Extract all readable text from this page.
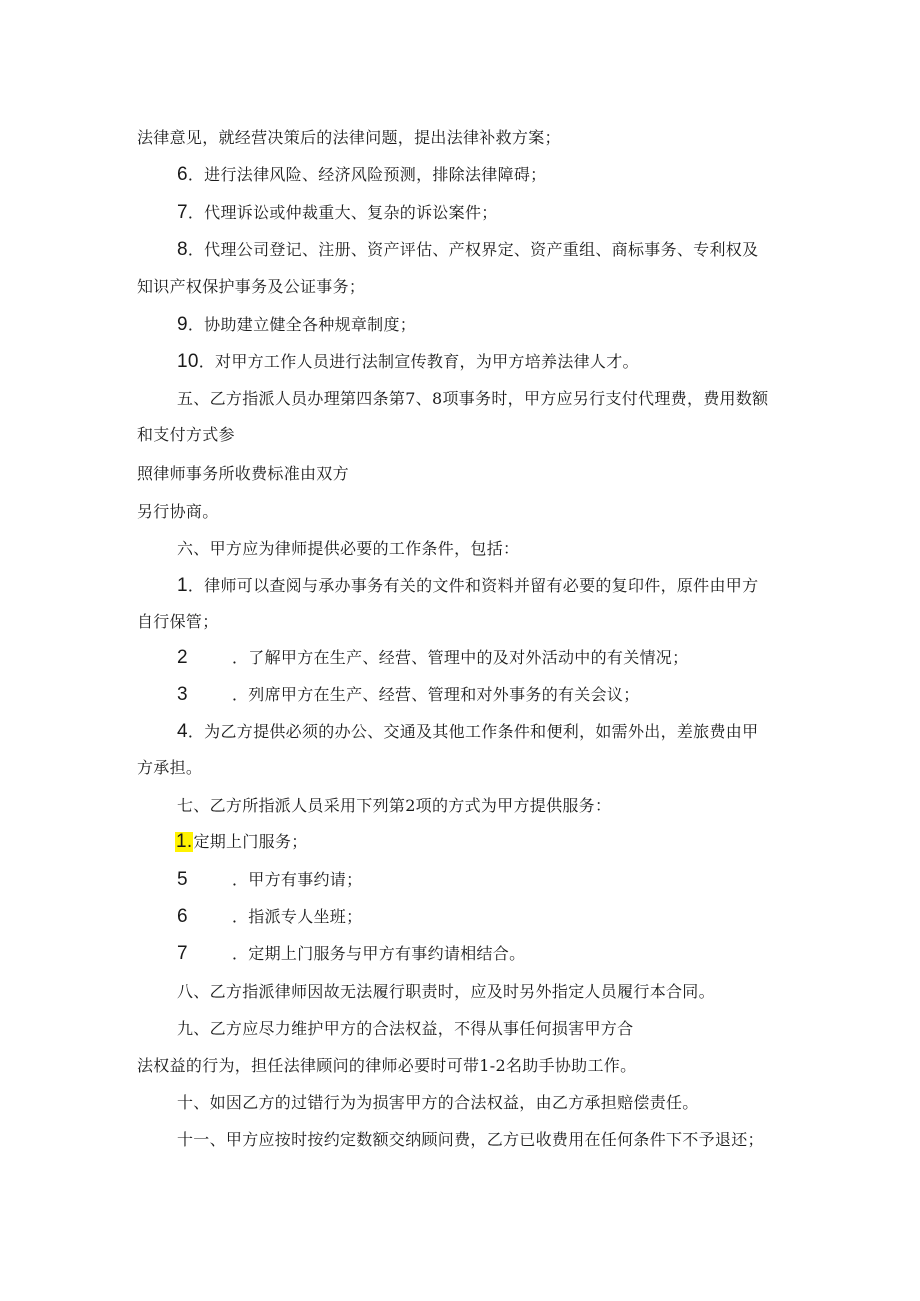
法律意见，就经营决策后的法律问题，提出法律补救方案；
6．进行法律风险、经济风险预测，排除法律障碍；
7．代理诉讼或仲裁重大、复杂的诉讼案件；
8．代理公司登记、注册、资产评估、产权界定、资产重组、商标事务、专利权及
知识产权保护事务及公证事务；
9．协助建立健全各种规章制度；
10．对甲方工作人员进行法制宣传教育，为甲方培养法律人才。
五、乙方指派人员办理第四条第7、8项事务时，甲方应另行支付代理费，费用数额
和支付方式参
照律师事务所收费标准由双方
另行协商。
六、甲方应为律师提供必要的工作条件，包括：
1．律师可以查阅与承办事务有关的文件和资料并留有必要的复印件，原件由甲方
自行保管；
2	．了解甲方在生产、经营、管理中的及对外活动中的有关情况；
3	．列席甲方在生产、经营、管理和对外事务的有关会议；
4．为乙方提供必须的办公、交通及其他工作条件和便利，如需外出，差旅费由甲
方承担。
七、乙方所指派人员采用下列第2项的方式为甲方提供服务：
1.定期上门服务；
5	．甲方有事约请；
6	．指派专人坐班；
7	．定期上门服务与甲方有事约请相结合。
八、乙方指派律师因故无法履行职责时，应及时另外指定人员履行本合同。
九、乙方应尽力维护甲方的合法权益，不得从事任何损害甲方合
法权益的行为，担任法律顾问的律师必要时可带1-2名助手协助工作。
十、如因乙方的过错行为为损害甲方的合法权益，由乙方承担赔偿责任。
十一、甲方应按时按约定数额交纳顾问费，乙方已收费用在任何条件下不予退还；
